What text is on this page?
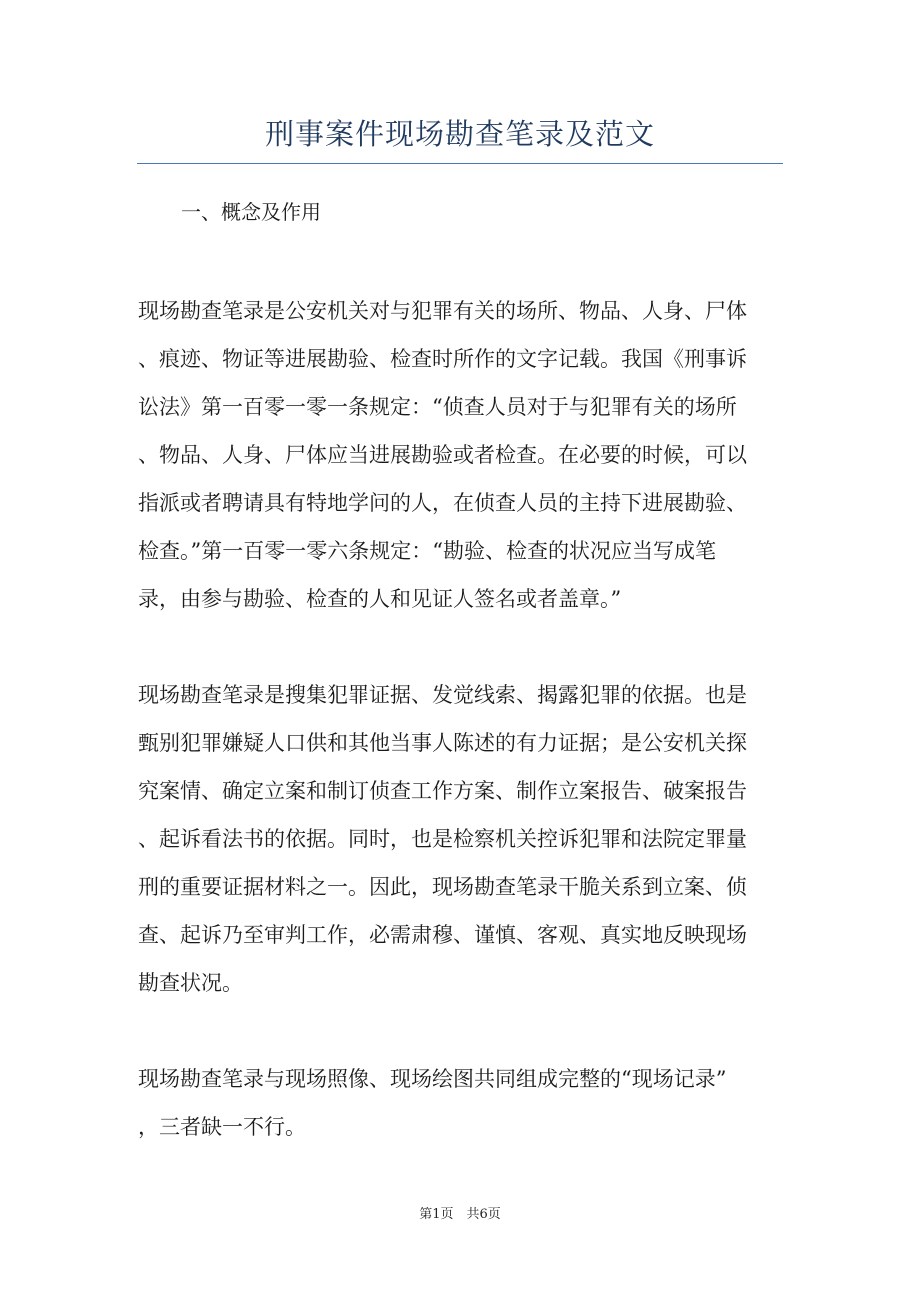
刑事案件现场勘查笔录及范文
一、概念及作用
现场勘查笔录是公安机关对与犯罪有关的场所、物品、人身、尸体
、痕迹、物证等进展勘验、检查时所作的文字记载。我国《刑事诉
讼法》第一百零一零一条规定：“侦查人员对于与犯罪有关的场所
、物品、人身、尸体应当进展勘验或者检查。在必要的时候，可以
指派或者聘请具有特地学问的人，在侦查人员的主持下进展勘验、
检查。”第一百零一零六条规定：“勘验、检查的状况应当写成笔
录，由参与勘验、检查的人和见证人签名或者盖章。”
现场勘查笔录是搜集犯罪证据、发觉线索、揭露犯罪的依据。也是
甄别犯罪嫌疑人口供和其他当事人陈述的有力证据；是公安机关探
究案情、确定立案和制订侦查工作方案、制作立案报告、破案报告
、起诉看法书的依据。同时，也是检察机关控诉犯罪和法院定罪量
刑的重要证据材料之一。因此，现场勘查笔录干脆关系到立案、侦
查、起诉乃至审判工作，必需肃穆、谨慎、客观、真实地反映现场
勘查状况。
现场勘查笔录与现场照像、现场绘图共同组成完整的“现场记录”
，三者缺一不行。
第1页　共6页
